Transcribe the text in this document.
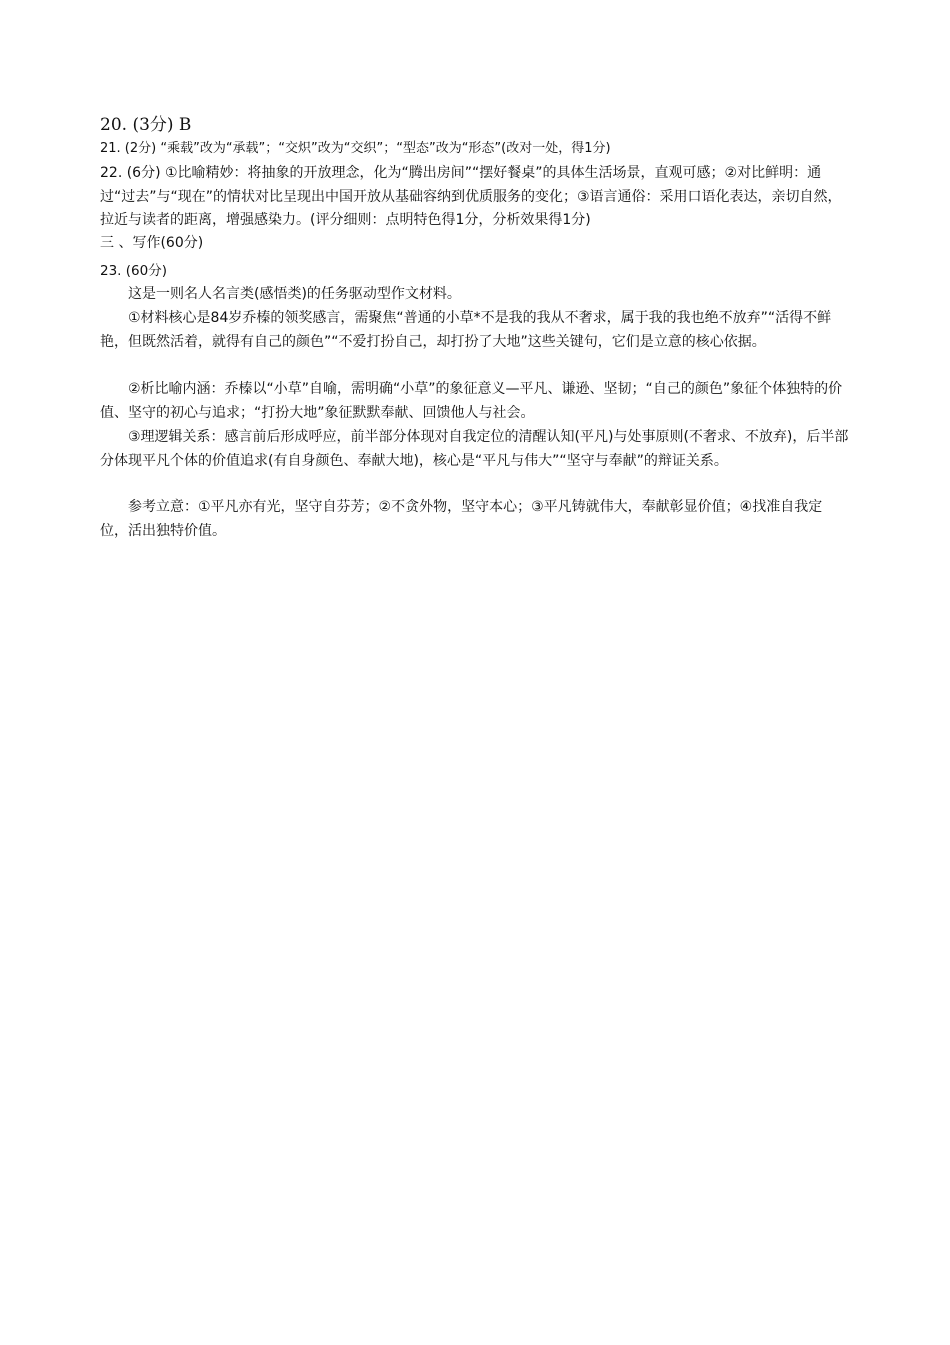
20. (3分) B
21. (2分) “乘载”改为“承载”；“交炽”改为“交织”；“型态”改为“形态”(改对一处，得1分)
22. (6分) ①比喻精妙：将抽象的开放理念，化为“腾出房间”“摆好餐桌”的具体生活场景，直观可感；②对比鲜明：通过“过去”与“现在”的情状对比呈现出中国开放从基础容纳到优质服务的变化；③语言通俗：采用口语化表达，亲切自然，拉近与读者的距离，增强感染力。(评分细则：点明特色得1分，分析效果得1分)
三 、写作(60分)
23. (60分)
这是一则名人名言类(感悟类)的任务驱动型作文材料。
①材料核心是84岁乔榛的领奖感言，需聚焦“普通的小草*不是我的我从不奢求，属于我的我也绝不放弃”“活得不鲜艳，但既然活着，就得有自己的颜色”“不爱打扮自己，却打扮了大地”这些关键句，它们是立意的核心依据。
②析比喻内涵：乔榛以“小草”自喻，需明确“小草”的象征意义—平凡、谦逊、坚韧；“自己的颜色”象征个体独特的价值、坚守的初心与追求；“打扮大地”象征默默奉献、回馈他人与社会。
③理逻辑关系：感言前后形成呼应，前半部分体现对自我定位的清醒认知(平凡)与处事原则(不奢求、不放弃)，后半部分体现平凡个体的价值追求(有自身颜色、奉献大地)，核心是“平凡与伟大”“坚守与奉献”的辩证关系。
参考立意：①平凡亦有光，坚守自芬芳；②不贪外物，坚守本心；③平凡铸就伟大，奉献彰显价值；④找准自我定位，活出独特价值。
